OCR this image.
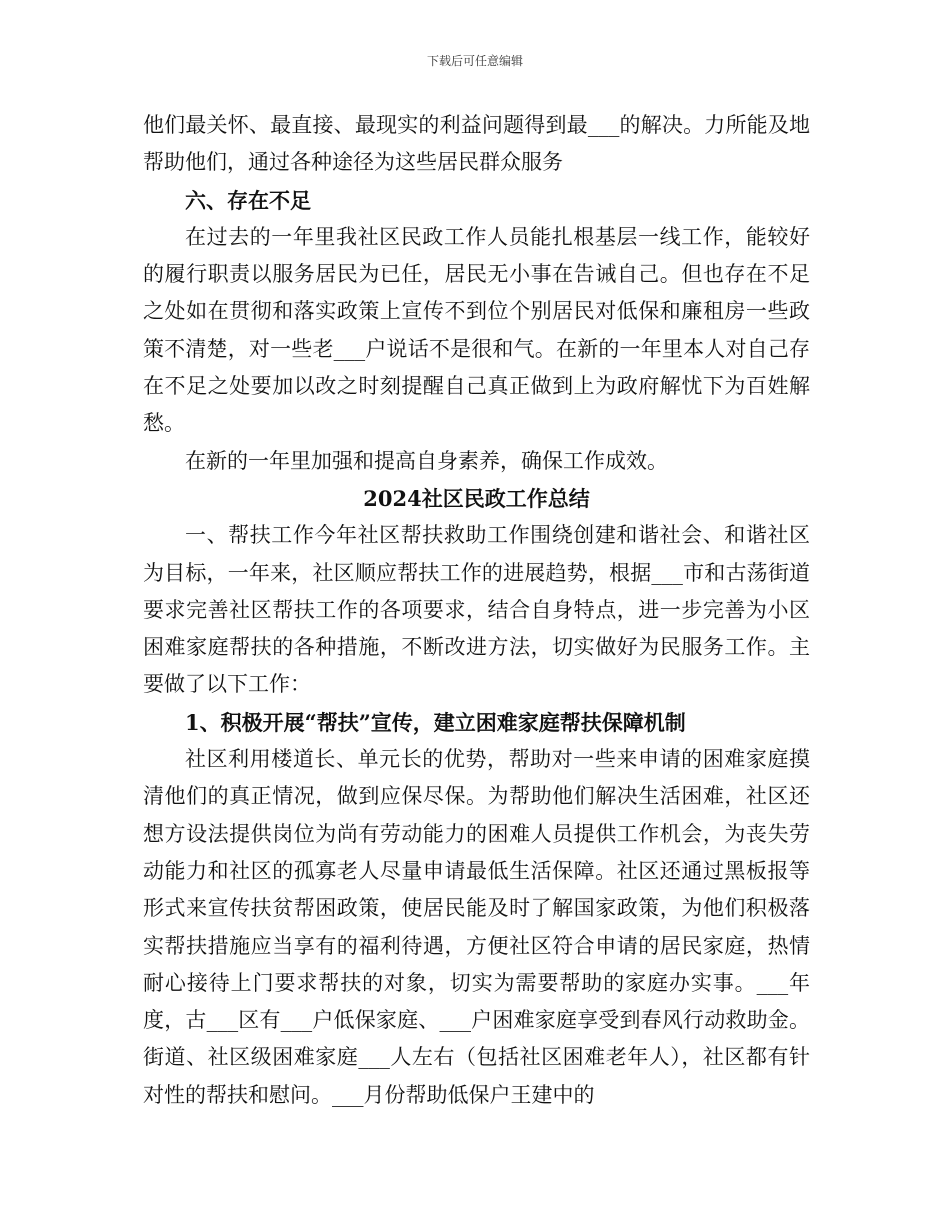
下载后可任意编辑

他们最关怀、最直接、最现实的利益问题得到最___的解决。力所能及地帮助他们，通过各种途径为这些居民群众服务

六、存在不足

在过去的一年里我社区民政工作人员能扎根基层一线工作，能较好的履行职责以服务居民为已任，居民无小事在告诫自己。但也存在不足之处如在贯彻和落实政策上宣传不到位个别居民对低保和廉租房一些政策不清楚，对一些老___户说话不是很和气。在新的一年里本人对自己存在不足之处要加以改之时刻提醒自己真正做到上为政府解忧下为百姓解愁。

在新的一年里加强和提高自身素养，确保工作成效。

2024社区民政工作总结

一、帮扶工作今年社区帮扶救助工作围绕创建和谐社会、和谐社区为目标，一年来，社区顺应帮扶工作的进展趋势，根据___市和古荡街道要求完善社区帮扶工作的各项要求，结合自身特点，进一步完善为小区困难家庭帮扶的各种措施，不断改进方法，切实做好为民服务工作。主要做了以下工作：

1、积极开展“帮扶”宣传，建立困难家庭帮扶保障机制

社区利用楼道长、单元长的优势，帮助对一些来申请的困难家庭摸清他们的真正情况，做到应保尽保。为帮助他们解决生活困难，社区还想方设法提供岗位为尚有劳动能力的困难人员提供工作机会，为丧失劳动能力和社区的孤寡老人尽量申请最低生活保障。社区还通过黑板报等形式来宣传扶贫帮困政策，使居民能及时了解国家政策，为他们积极落实帮扶措施应当享有的福利待遇，方便社区符合申请的居民家庭，热情耐心接待上门要求帮扶的对象，切实为需要帮助的家庭办实事。___年度，古___区有___户低保家庭、___户困难家庭享受到春风行动救助金。街道、社区级困难家庭___人左右（包括社区困难老年人），社区都有针对性的帮扶和慰问。___月份帮助低保户王建中的
